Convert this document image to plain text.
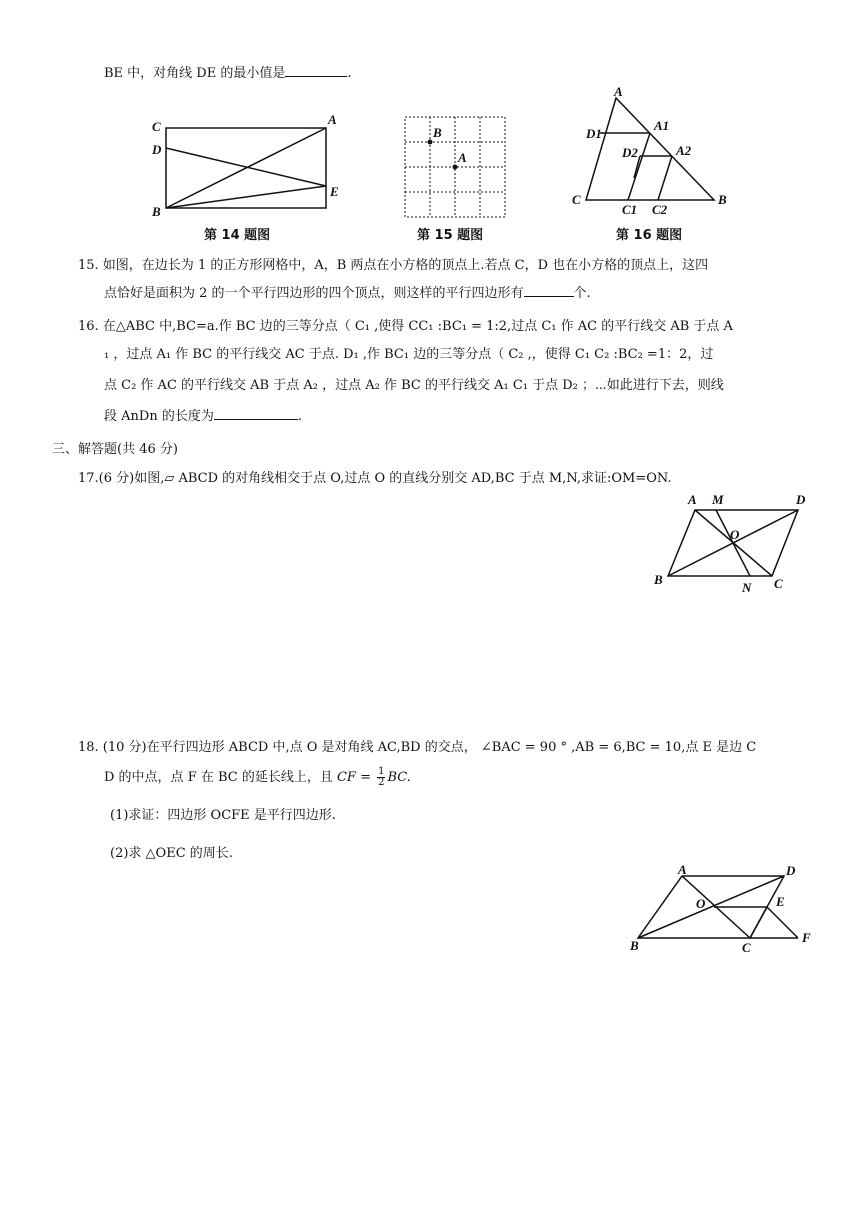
BE 中，对角线 DE 的最小值是	.
C	A
D
B
E
第 14 题图
B
A
第 15 题图
A
D1
A1
D2	A2
C
C1 C2
B
第 16 题图
15. 如图，在边长为 1 的正方形网格中，A，B 两点在小方格的顶点上.若点 C，D 也在小方格的顶点上，这四
点恰好是面积为 2 的一个平行四边形的四个顶点，则这样的平行四边形有	个.
16. 在△ABC 中,BC=a.作 BC 边的三等分点（ C₁ ,使得 CC₁ :BC₁ = 1:2,过点 C₁ 作 AC 的平行线交 AB 于点 A
₁ ，过点 A₁ 作 BC 的平行线交 AC 于点. D₁ ,作 BC₁ 边的三等分点（ C₂ ,，使得 C₁ C₂ :BC₂ =1：2，过
点 C₂ 作 AC 的平行线交 AB 于点 A₂ ，过点 A₂ 作 BC 的平行线交 A₁ C₁ 于点 D₂ ；⋯如此进行下去，则线
段 AnDn 的长度为	.
三、解答题(共 46 分)
17.(6 分)如图,▱ ABCD 的对角线相交于点 O,过点 O 的直线分别交 AD,BC 于点 M,N,求证:OM=ON.
A M	D
O
B
N C
18. (10 分)在平行四边形 ABCD 中,点 O 是对角线 AC,BD 的交点， ∠BAC = 90 ° ,AB = 6,BC = 10,点 E 是边 C
D 的中点，点 F 在 BC 的延长线上，且 CF = $\frac{1}{2}$ BC.
(1)求证：四边形 OCFE 是平行四边形.
(2)求 △OEC 的周长.
A	D
O	E
B	C
F
